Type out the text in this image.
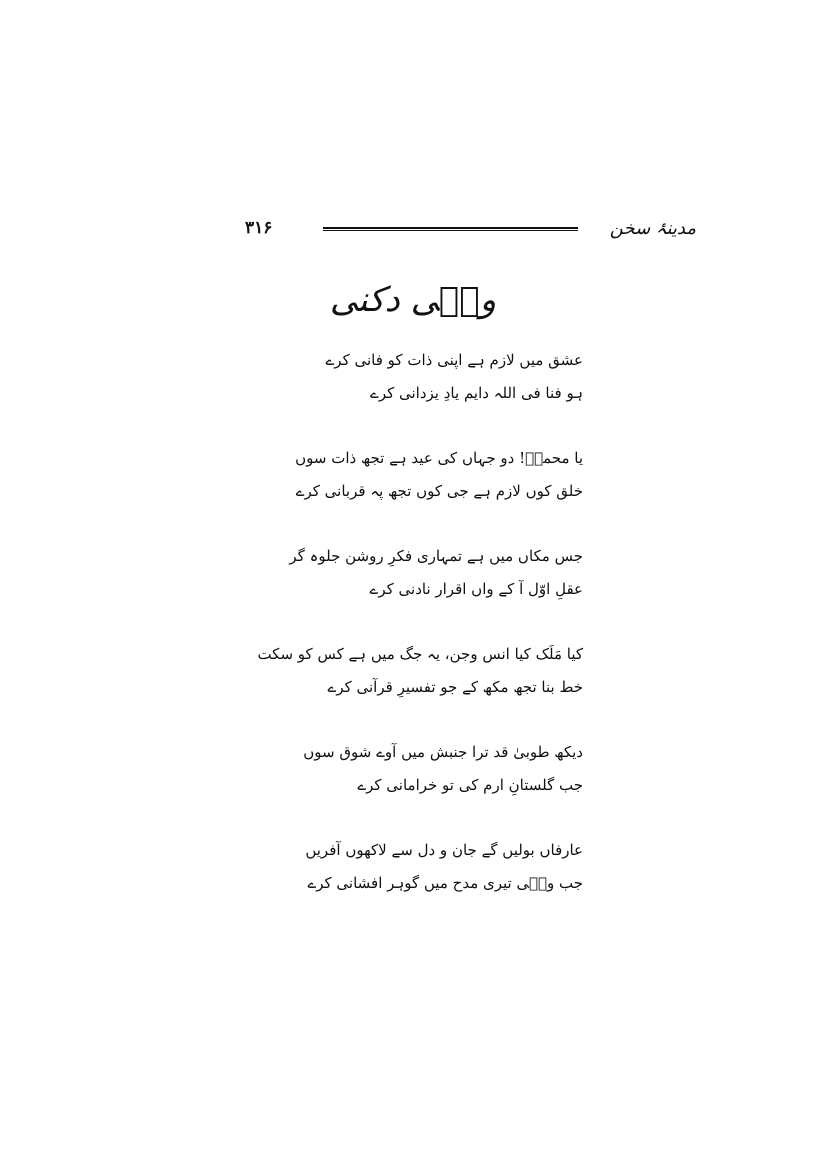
۳۱۶	مدینۂ سخن
ولؔی دکنی
عشق میں لازم ہے اپنی ذات کو فانی کرے
ہو فنا فی اللہ دایم یادِ یزدانی کرے
یا محمدؐ! دو جہاں کی عید ہے تجھ ذات سوں
خلق کوں لازم ہے جی کوں تجھ پہ قربانی کرے
جس مکاں میں ہے تمہاری فکرِ روشن جلوہ گر
عقلِ اوّل آ کے واں اقرار نادنی کرے
کیا مَلَک کیا انس وجن، یہ جگ میں ہے کس کو سکت
خط بنا تجھ مکھ کے جو تفسیرِ قرآنی کرے
دیکھ طوبیٰ قد ترا جنبش میں آوے شوق سوں
جب گلستانِ ارم کی تو خرامانی کرے
عارفاں بولیں گے جان و دل سے لاکھوں آفریں
جب ولؔی تیری مدح میں گوہر افشانی کرے
